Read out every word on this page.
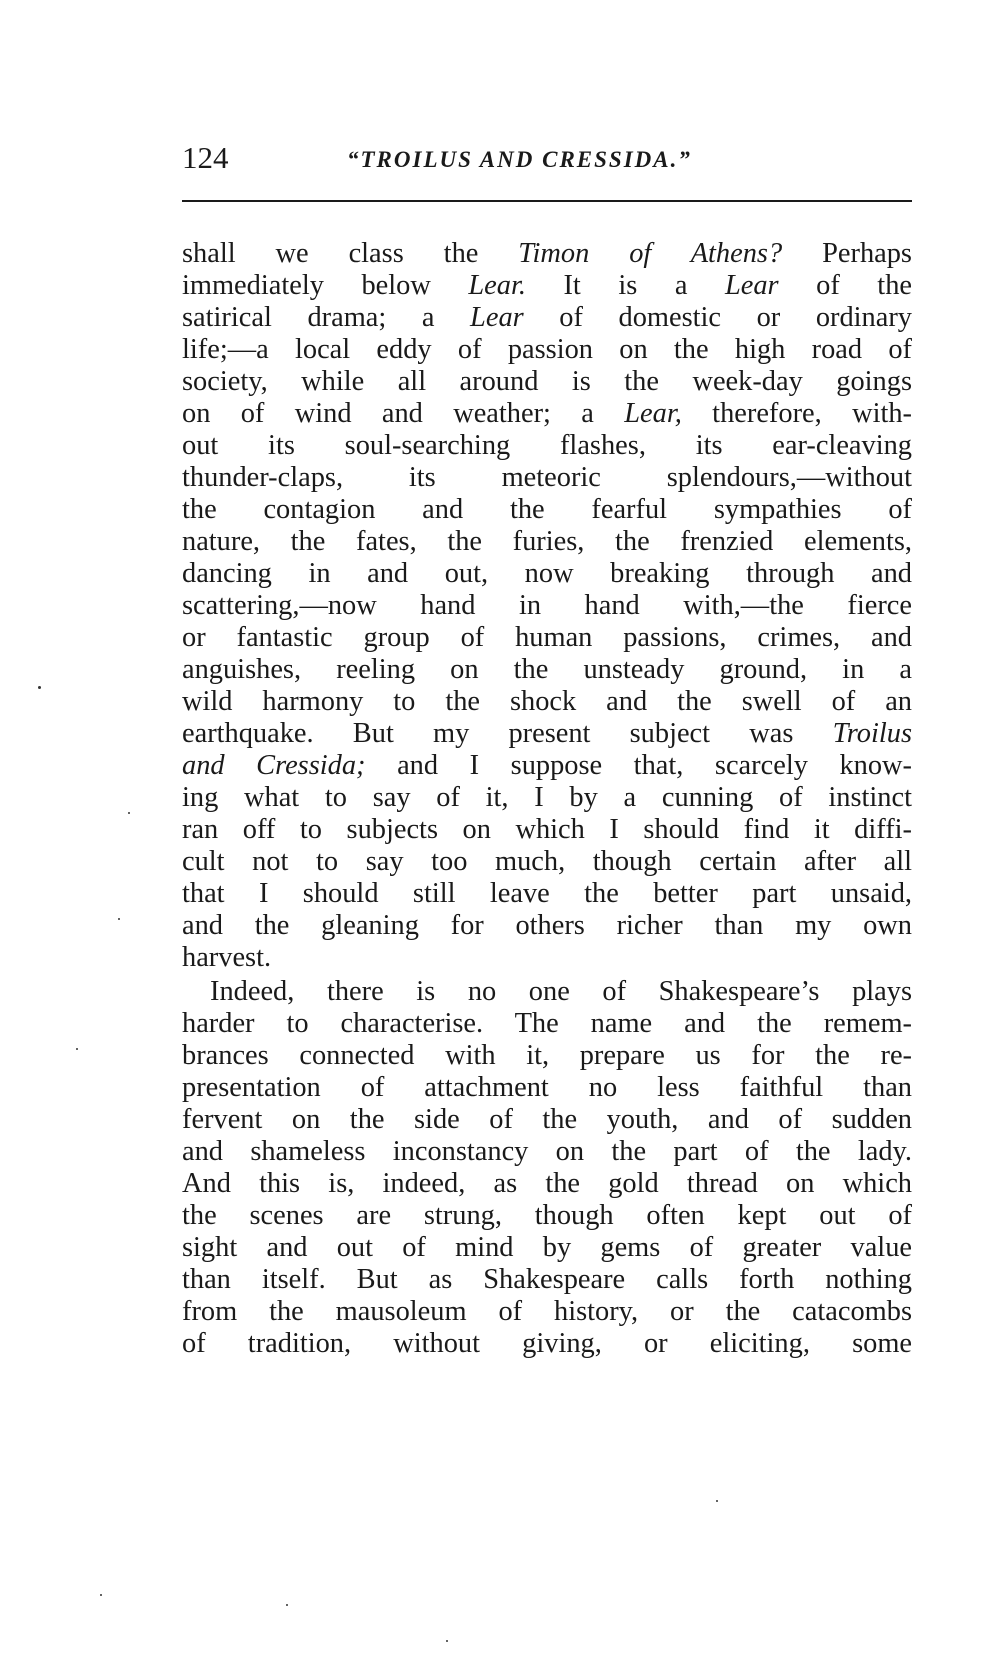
124	“TROILUS AND CRESSIDA.”
shall we class the Timon of Athens? Perhaps
immediately below Lear. It is a Lear of the
satirical drama; a Lear of domestic or ordinary
life;—a local eddy of passion on the high road of
society, while all around is the week-day goings
on of wind and weather; a Lear, therefore, with-
out its soul-searching flashes, its ear-cleaving
thunder-claps, its meteoric splendours,—without
the contagion and the fearful sympathies of
nature, the fates, the furies, the frenzied elements,
dancing in and out, now breaking through and
scattering,—now hand in hand with,—the fierce
or fantastic group of human passions, crimes, and
anguishes, reeling on the unsteady ground, in a
wild harmony to the shock and the swell of an
earthquake. But my present subject was Troilus
and Cressida; and I suppose that, scarcely know-
ing what to say of it, I by a cunning of instinct
ran off to subjects on which I should find it diffi-
cult not to say too much, though certain after all
that I should still leave the better part unsaid,
and the gleaning for others richer than my own
harvest.
Indeed, there is no one of Shakespeare’s plays
harder to characterise. The name and the remem-
brances connected with it, prepare us for the re-
presentation of attachment no less faithful than
fervent on the side of the youth, and of sudden
and shameless inconstancy on the part of the lady.
And this is, indeed, as the gold thread on which
the scenes are strung, though often kept out of
sight and out of mind by gems of greater value
than itself. But as Shakespeare calls forth nothing
from the mausoleum of history, or the catacombs
of tradition, without giving, or eliciting, some
